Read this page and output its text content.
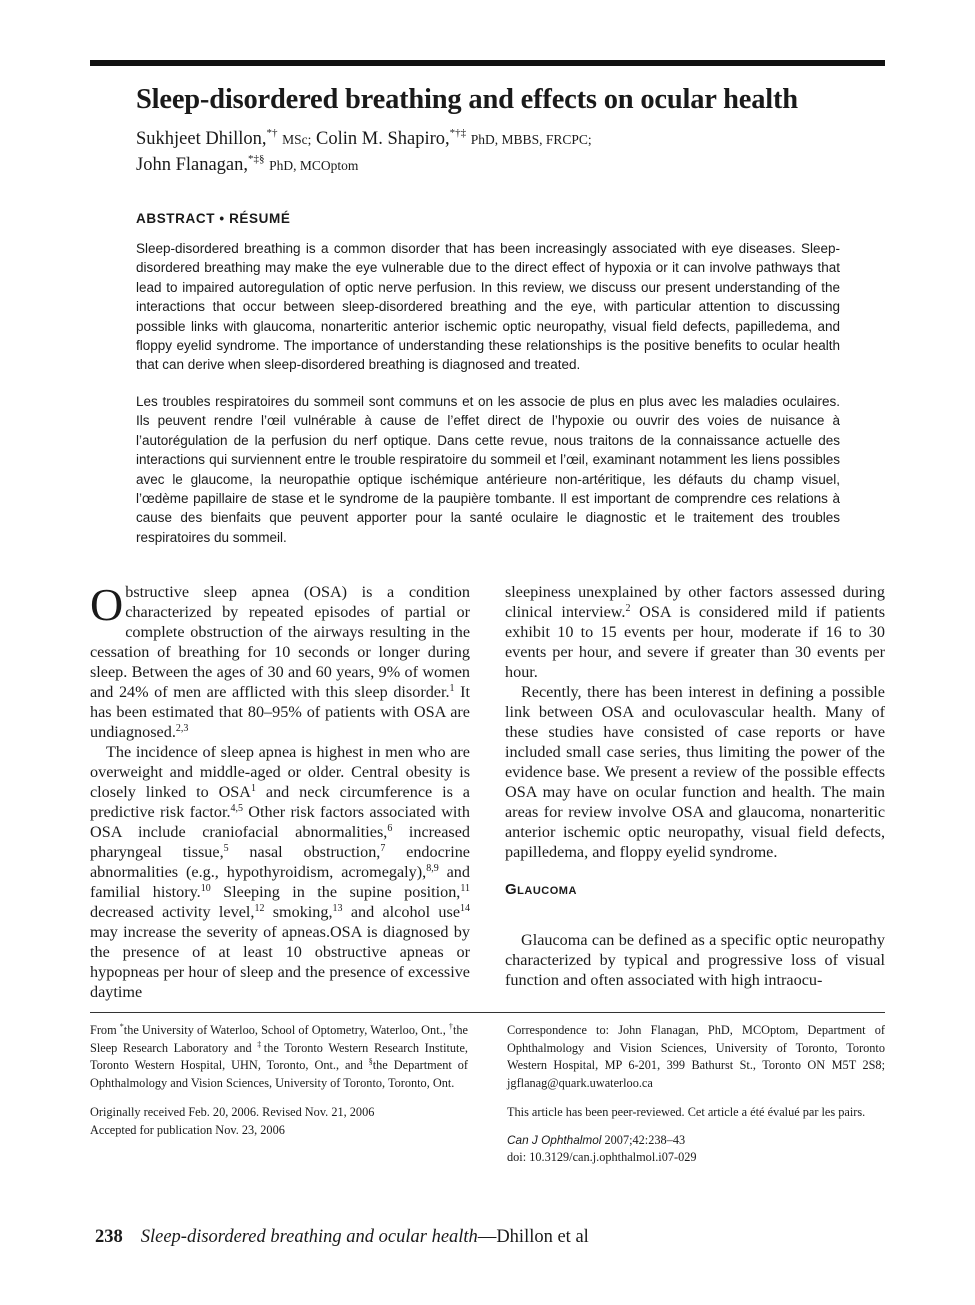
Sleep-disordered breathing and effects on ocular health
Sukhjeet Dhillon,*† MSc; Colin M. Shapiro,*†‡ PhD, MBBS, FRCPC;
John Flanagan,*‡§ PhD, MCOptom
ABSTRACT • RÉSUMÉ

Sleep-disordered breathing is a common disorder that has been increasingly associated with eye diseases. Sleep-disordered breathing may make the eye vulnerable due to the direct effect of hypoxia or it can involve pathways that lead to impaired autoregulation of optic nerve perfusion. In this review, we discuss our present understanding of the interactions that occur between sleep-disordered breathing and the eye, with particular attention to discussing possible links with glaucoma, nonarteritic anterior ischemic optic neuropathy, visual field defects, papilledema, and floppy eyelid syndrome. The importance of understanding these relationships is the positive benefits to ocular health that can derive when sleep-disordered breathing is diagnosed and treated.

Les troubles respiratoires du sommeil sont communs et on les associe de plus en plus avec les maladies oculaires. Ils peuvent rendre l’œil vulnérable à cause de l’effet direct de l’hypoxie ou ouvrir des voies de nuisance à l’autorégulation de la perfusion du nerf optique. Dans cette revue, nous traitons de la connaissance actuelle des interactions qui surviennent entre le trouble respiratoire du sommeil et l’œil, examinant notamment les liens possibles avec le glaucome, la neuropathie optique ischémique antérieure non-artéritique, les défauts du champ visuel, l’œdème papillaire de stase et le syndrome de la paupière tombante. Il est important de comprendre ces relations à cause des bienfaits que peuvent apporter pour la santé oculaire le diagnostic et le traitement des troubles respiratoires du sommeil.

Obstructive sleep apnea (OSA) is a condition characterized by repeated episodes of partial or complete obstruction of the airways resulting in the cessation of breathing for 10 seconds or longer during sleep. Between the ages of 30 and 60 years, 9% of women and 24% of men are afflicted with this sleep disorder.$^1$ It has been estimated that 80–95% of patients with OSA are undiagnosed.$^{2,3}$

The incidence of sleep apnea is highest in men who are overweight and middle-aged or older. Central obesity is closely linked to OSA$^1$ and neck circumference is a predictive risk factor.$^{4,5}$ Other risk factors associated with OSA include craniofacial abnormalities,$^6$ increased pharyngeal tissue,$^5$ nasal obstruction,$^7$ endocrine abnormalities (e.g., hypothyroidism, acromegaly),$^{8,9}$ and familial history.$^{10}$ Sleeping in the supine position,$^{11}$ decreased activity level,$^{12}$ smoking,$^{13}$ and alcohol use$^{14}$ may increase the severity of apneas.OSA is diagnosed by the presence of at least 10 obstructive apneas or hypopneas per hour of sleep and the presence of excessive daytime

sleepiness unexplained by other factors assessed during clinical interview.$^2$ OSA is considered mild if patients exhibit 10 to 15 events per hour, moderate if 16 to 30 events per hour, and severe if greater than 30 events per hour.

Recently, there has been interest in defining a possible link between OSA and oculovascular health. Many of these studies have consisted of case reports or have included small case series, thus limiting the power of the evidence base. We present a review of the possible effects OSA may have on ocular function and health. The main areas for review involve OSA and glaucoma, nonarteritic anterior ischemic optic neuropathy, visual field defects, papilledema, and floppy eyelid syndrome.

Glaucoma

Glaucoma can be defined as a specific optic neuropathy characterized by typical and progressive loss of visual function and often associated with high intraocu-

From *the University of Waterloo, School of Optometry, Waterloo, Ont., †the Sleep Research Laboratory and ‡the Toronto Western Research Institute, Toronto Western Hospital, UHN, Toronto, Ont., and §the Department of Ophthalmology and Vision Sciences, University of Toronto, Toronto, Ont.

Originally received Feb. 20, 2006. Revised Nov. 21, 2006

Accepted for publication Nov. 23, 2006

Correspondence to: John Flanagan, PhD, MCOptom, Department of Ophthalmology and Vision Sciences, University of Toronto, Toronto Western Hospital, MP 6-201, 399 Bathurst St., Toronto ON M5T 2S8; jgflanag@quark.uwaterloo.ca

This article has been peer-reviewed. Cet article a été évalué par les pairs.

Can J Ophthalmol 2007;42:238–43

doi: 10.3129/can.j.ophthalmol.i07-029

238 Sleep-disordered breathing and ocular health—Dhillon et al
